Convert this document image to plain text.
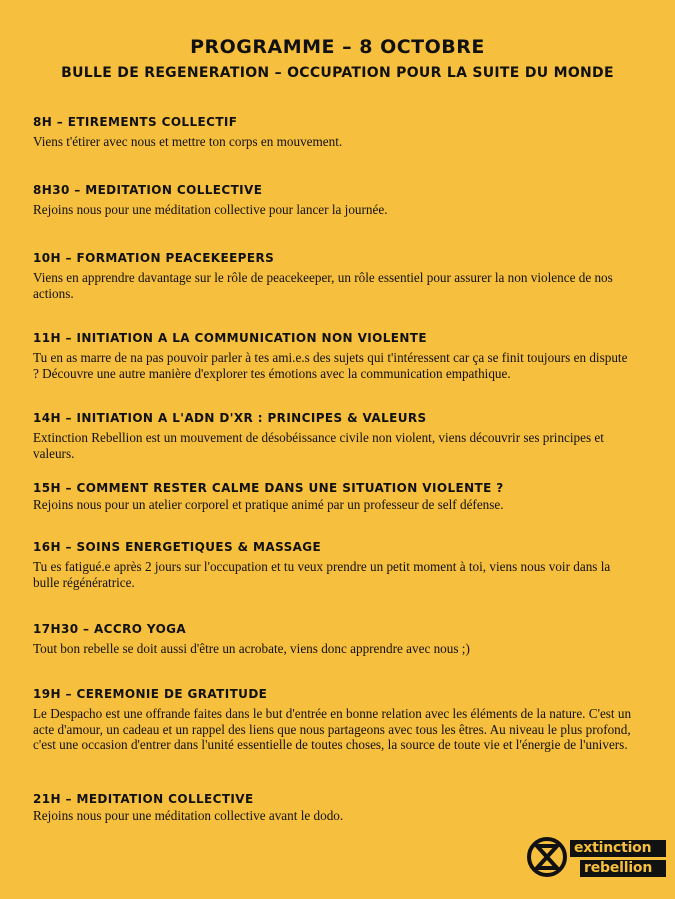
PROGRAMME – 8 OCTOBRE
BULLE DE REGENERATION – OCCUPATION POUR LA SUITE DU MONDE

8H – ETIREMENTS COLLECTIF

Viens t'étirer avec nous et mettre ton corps en mouvement.

8H30 – MEDITATION COLLECTIVE

Rejoins nous pour une méditation collective pour lancer la journée.

10H – FORMATION PEACEKEEPERS

Viens en apprendre davantage sur le rôle de peacekeeper, un rôle essentiel pour assurer la non violence de nos actions.

11H – INITIATION A LA COMMUNICATION NON VIOLENTE

Tu en as marre de na pas pouvoir parler à tes ami.e.s des sujets qui t'intéressent car ça se finit toujours en dispute ? Découvre une autre manière d'explorer tes émotions avec la communication empathique.

14H – INITIATION A L'ADN D'XR : PRINCIPES & VALEURS

Extinction Rebellion est un mouvement de désobéissance civile non violent, viens découvrir ses principes et valeurs.

15H – COMMENT RESTER CALME DANS UNE SITUATION VIOLENTE ?

Rejoins nous pour un atelier corporel et pratique animé par un professeur de self défense.

16H – SOINS ENERGETIQUES & MASSAGE

Tu es fatigué.e après 2 jours sur l'occupation et tu veux prendre un petit moment à toi, viens nous voir dans la bulle régénératrice.

17H30 – ACCRO YOGA

Tout bon rebelle se doit aussi d'être un acrobate, viens donc apprendre avec nous ;)

19H – CEREMONIE DE GRATITUDE

Le Despacho est une offrande faites dans le but d'entrée en bonne relation avec les éléments de la nature. C'est un acte d'amour, un cadeau et un rappel des liens que nous partageons avec tous les êtres. Au niveau le plus profond, c'est une occasion d'entrer dans l'unité essentielle de toutes choses, la source de toute vie et l'énergie de l'univers.

21H – MEDITATION COLLECTIVE

Rejoins nous pour une méditation collective avant le dodo.

extinction
rebellion
